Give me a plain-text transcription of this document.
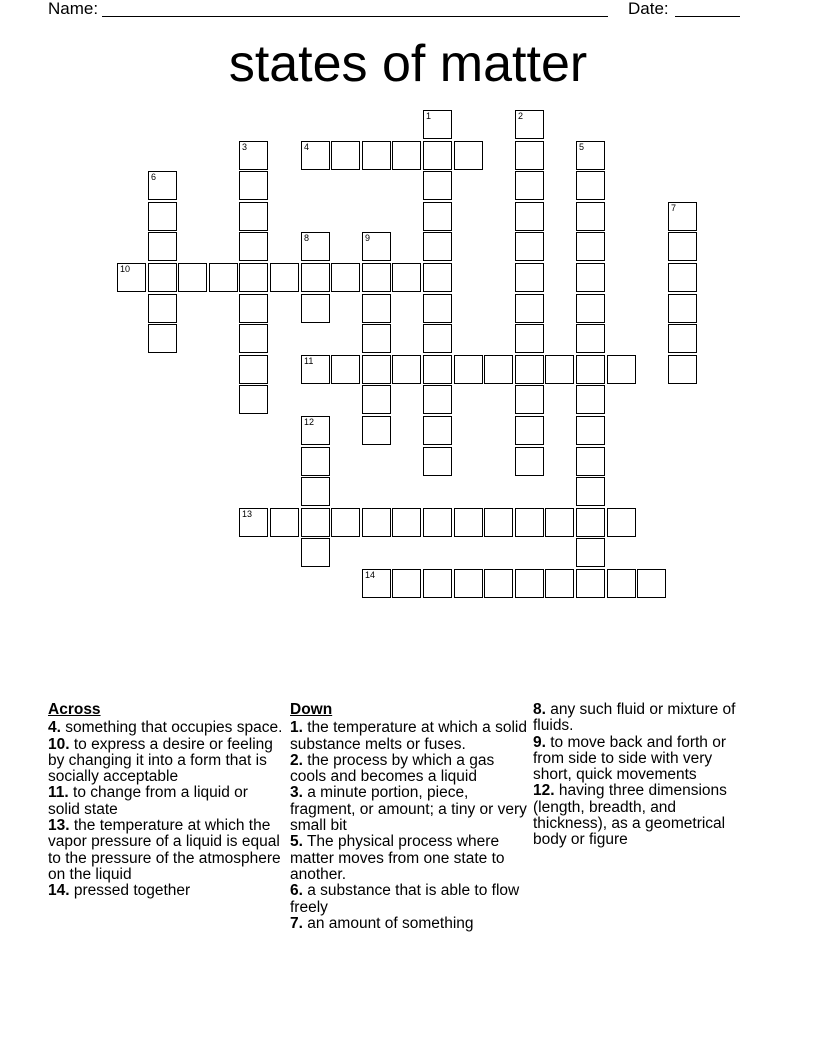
Name:	Date:
states of matter
1	2
3	4	5
6
7
8	9
10
11
12
13
14
Across

4. something that occupies space.

10. to express a desire or feeling by changing it into a form that is socially acceptable

11. to change from a liquid or solid state

13. the temperature at which the vapor pressure of a liquid is equal to the pressure of the atmosphere on the liquid

14. pressed together

Down

1. the temperature at which a solid substance melts or fuses.

2. the process by which a gas cools and becomes a liquid

3. a minute portion, piece, fragment, or amount; a tiny or very small bit

5. The physical process where matter moves from one state to another.

6. a substance that is able to flow freely

7. an amount of something

8. any such fluid or mixture of fluids.

9. to move back and forth or from side to side with very short, quick movements

12. having three dimensions (length, breadth, and thickness), as a geometrical body or figure
